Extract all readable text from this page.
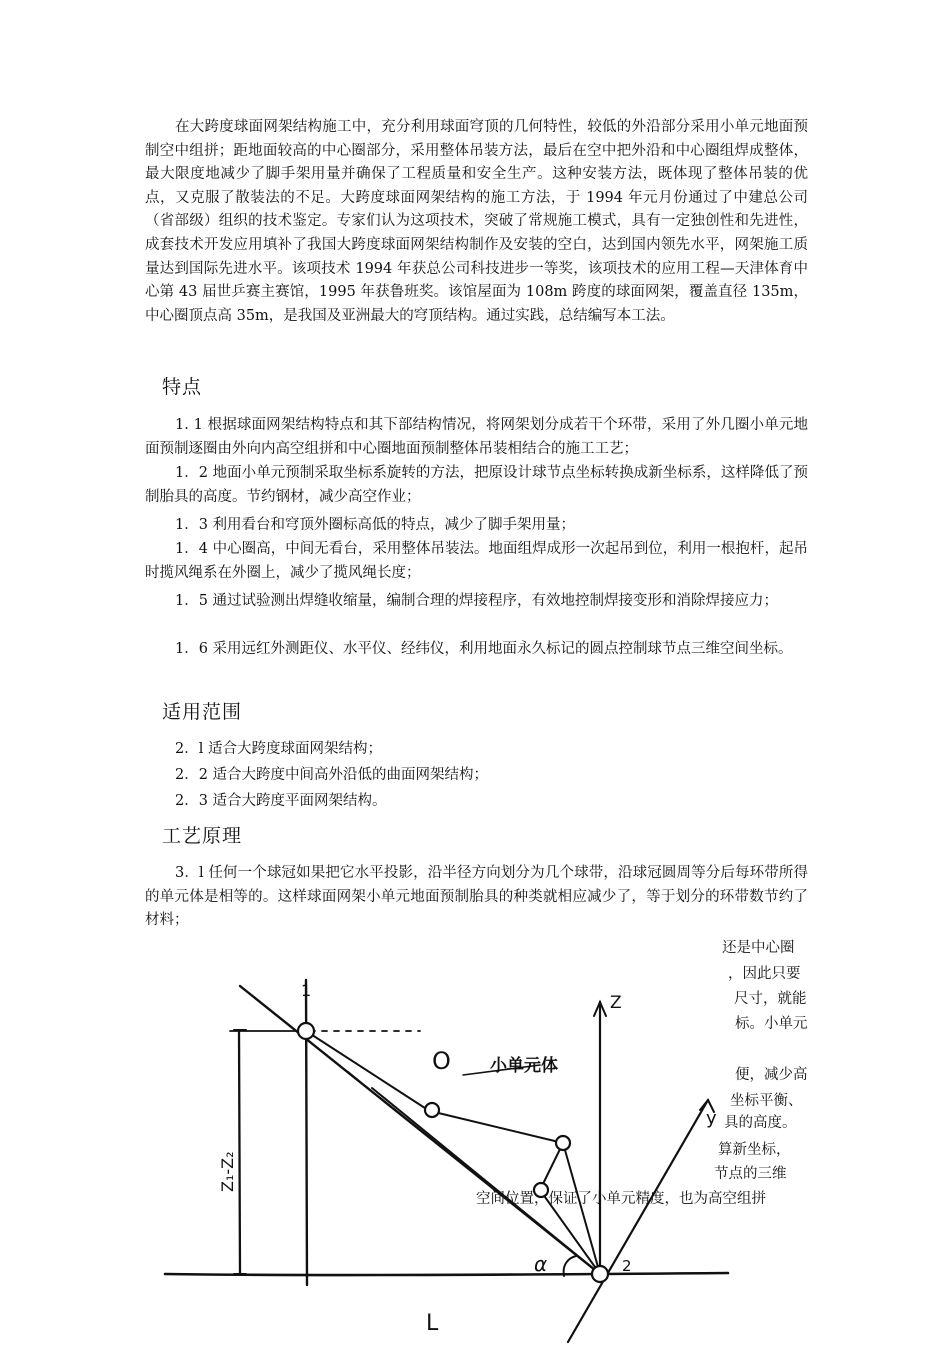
在大跨度球面网架结构施工中，充分利用球面穹顶的几何特性，较低的外沿部分采用小单元地面预制空中组拼；距地面较高的中心圈部分，采用整体吊装方法，最后在空中把外沿和中心圈组焊成整体，最大限度地减少了脚手架用量并确保了工程质量和安全生产。这种安装方法，既体现了整体吊装的优点，又克服了散装法的不足。大跨度球面网架结构的施工方法，于 1994 年元月份通过了中建总公司（省部级）组织的技术鉴定。专家们认为这项技术，突破了常规施工模式，具有一定独创性和先进性，成套技术开发应用填补了我国大跨度球面网架结构制作及安装的空白，达到国内领先水平，网架施工质量达到国际先进水平。该项技术 1994 年获总公司科技进步一等奖，该项技术的应用工程—天津体育中心第 43 届世乒赛主赛馆，1995 年获鲁班奖。该馆屋面为 108m 跨度的球面网架，覆盖直径 135m，中心圈顶点高 35m，是我国及亚洲最大的穹顶结构。通过实践，总结编写本工法。

特点

1. 1 根据球面网架结构特点和其下部结构情况，将网架划分成若干个环带，采用了外几圈小单元地面预制逐圈由外向内高空组拼和中心圈地面预制整体吊装相结合的施工工艺；

1．2 地面小单元预制采取坐标系旋转的方法，把原设计球节点坐标转换成新坐标系，这样降低了预制胎具的高度。节约钢材，减少高空作业；

1．3 利用看台和穹顶外圈标高低的特点，减少了脚手架用量；

1．4 中心圈高，中间无看台，采用整体吊装法。地面组焊成形一次起吊到位，利用一根抱杆，起吊时揽风绳系在外圈上，减少了揽风绳长度；

1．5 通过试验测出焊缝收缩量，编制合理的焊接程序，有效地控制焊接变形和消除焊接应力；

1．6 采用远红外测距仪、水平仪、经纬仪，利用地面永久标记的圆点控制球节点三维空间坐标。

适用范围

2．l 适合大跨度球面网架结构；

2．2 适合大跨度中间高外沿低的曲面网架结构；

2．3 适合大跨度平面网架结构。

工艺原理

3．l 任何一个球冠如果把它水平投影，沿半径方向划分为几个球带，沿球冠圆周等分后每环带所得的单元体是相等的。这样球面网架小单元地面预制胎具的种类就相应减少了，等于划分的环带数节约了材料；

O 小单元体
Z
y
α
1
2
L
Z₁-Z₂

还是中心圈

，因此只要

尺寸，就能

标。小单元

便，减少高

坐标平衡、

具的高度。

算新坐标，

节点的三维

空间位置，保证了小单元精度，也为高空组拼
